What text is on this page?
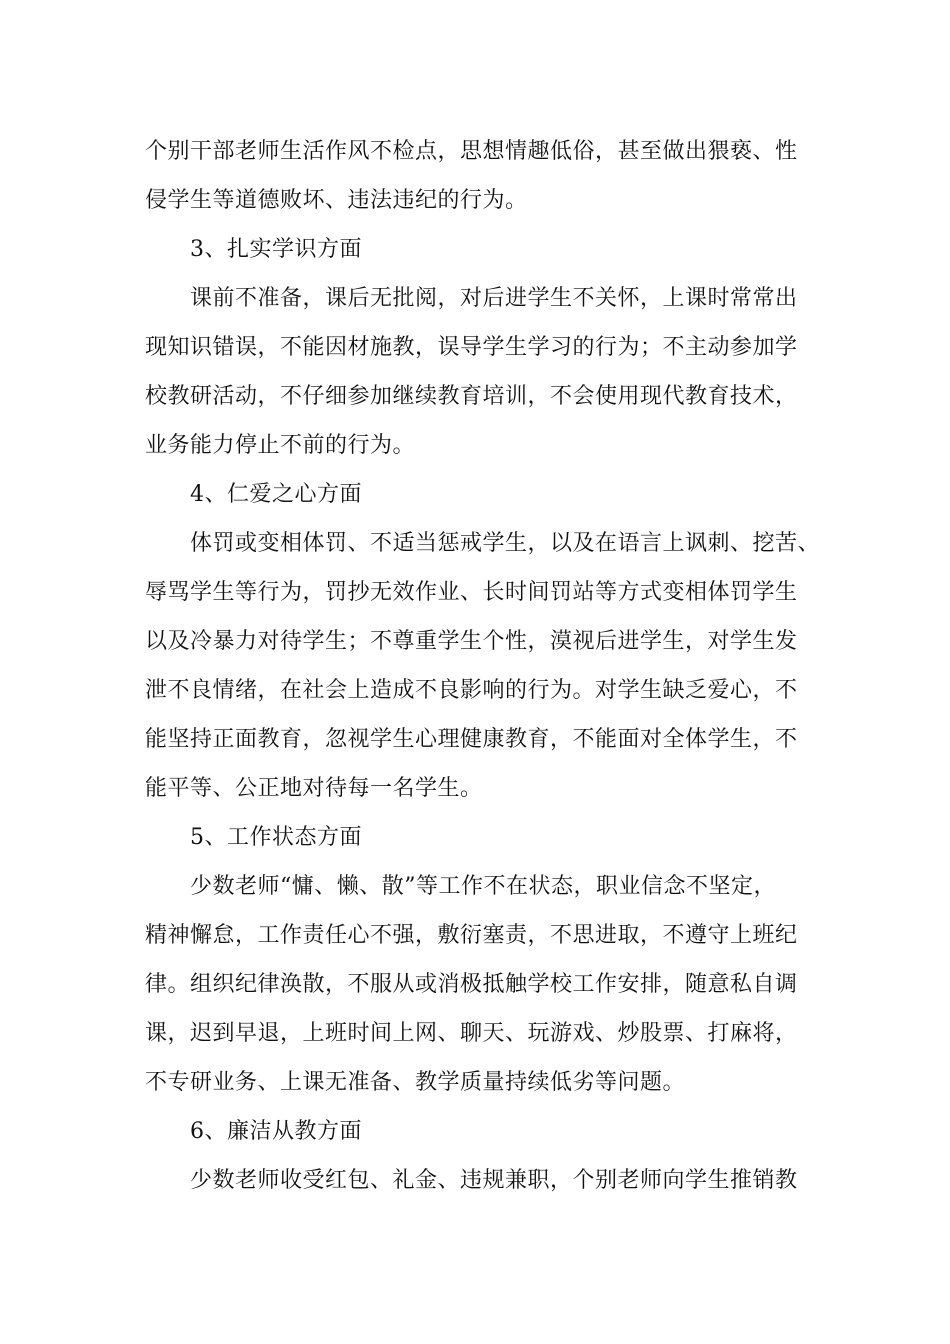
个别干部老师生活作风不检点，思想情趣低俗，甚至做出猥亵、性
侵学生等道德败坏、违法违纪的行为。
3、扎实学识方面
课前不准备，课后无批阅，对后进学生不关怀，上课时常常出
现知识错误，不能因材施教，误导学生学习的行为；不主动参加学
校教研活动，不仔细参加继续教育培训，不会使用现代教育技术，
业务能力停止不前的行为。
4、仁爱之心方面
体罚或变相体罚、不适当惩戒学生，以及在语言上讽刺、挖苦、
辱骂学生等行为，罚抄无效作业、长时间罚站等方式变相体罚学生
以及冷暴力对待学生；不尊重学生个性，漠视后进学生，对学生发
泄不良情绪，在社会上造成不良影响的行为。对学生缺乏爱心，不
能坚持正面教育，忽视学生心理健康教育，不能面对全体学生，不
能平等、公正地对待每一名学生。
5、工作状态方面
少数老师“慵、懒、散”等工作不在状态，职业信念不坚定，
精神懈怠，工作责任心不强，敷衍塞责，不思进取，不遵守上班纪
律。组织纪律涣散，不服从或消极抵触学校工作安排，随意私自调
课，迟到早退，上班时间上网、聊天、玩游戏、炒股票、打麻将，
不专研业务、上课无准备、教学质量持续低劣等问题。
6、廉洁从教方面
少数老师收受红包、礼金、违规兼职，个别老师向学生推销教
